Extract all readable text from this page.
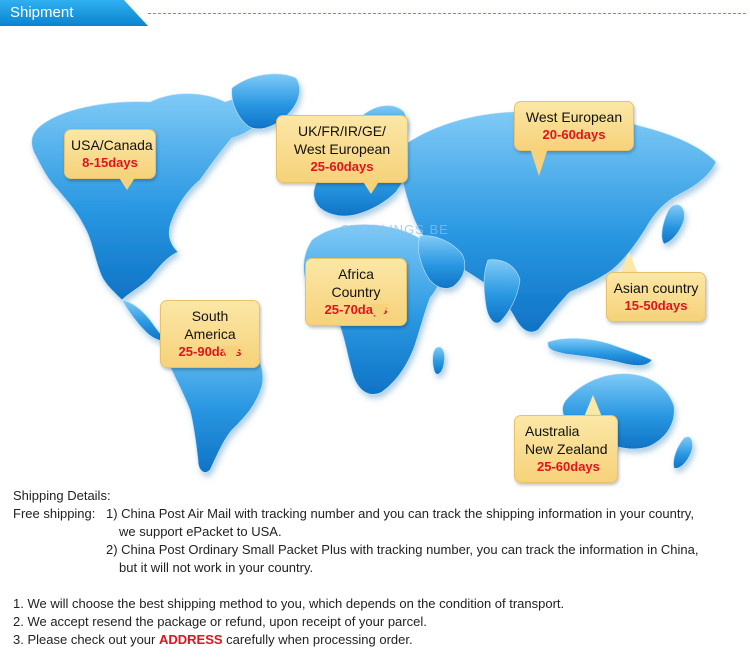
Shipment
CYOSLINGS BE
USA/Canada
8-15days
UK/FR/IR/GE/
West European
25-60days
West European
20-60days
Africa Country
25-70days
Asian country
15-50days
South America
25-90days
Australia
New Zealand
25-60days
Shipping Details:
Free shipping: 1) China Post Air Mail with tracking number and you can track the shipping information in your country,
we support ePacket to USA.
2) China Post Ordinary Small Packet Plus with tracking number, you can track the information in China,
but it will not work in your country.
1. We will choose the best shipping method to you, which depends on the condition of transport.
2. We accept resend the package or refund, upon receipt of your parcel.
3. Please check out your ADDRESS carefully when processing order.
